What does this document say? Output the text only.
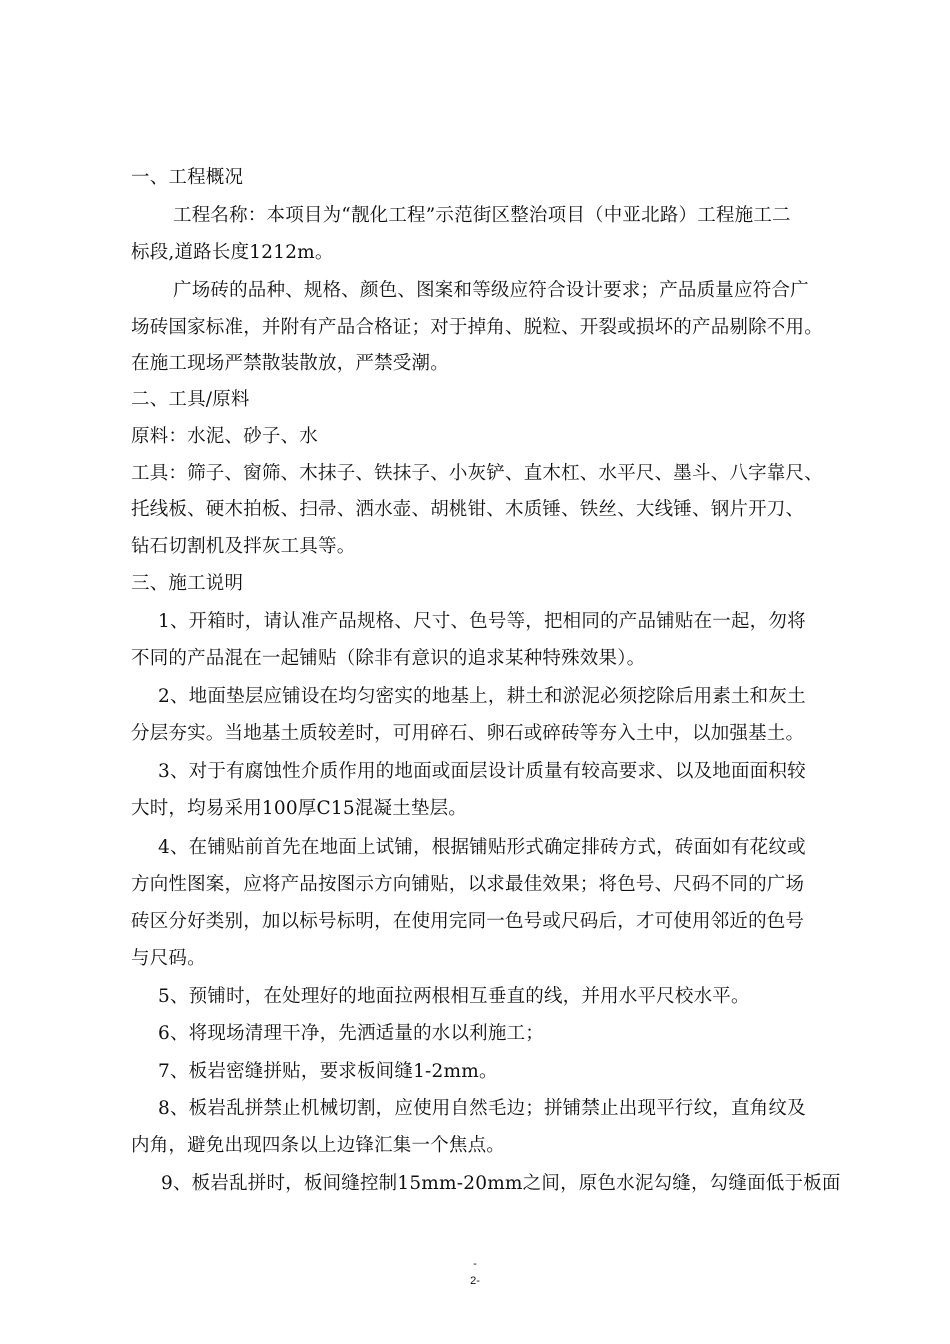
一、工程概况
工程名称：本项目为“靓化工程”示范街区整治项目（中亚北路）工程施工二
标段,道路长度1212m。
广场砖的品种、规格、颜色、图案和等级应符合设计要求；产品质量应符合广
场砖国家标准，并附有产品合格证；对于掉角、脱粒、开裂或损坏的产品剔除不用。
在施工现场严禁散装散放，严禁受潮。
二、工具/原料
原料：水泥、砂子、水
工具：筛子、窗筛、木抹子、铁抹子、小灰铲、直木杠、水平尺、墨斗、八字靠尺、
托线板、硬木拍板、扫帚、洒水壶、胡桃钳、木质锤、铁丝、大线锤、钢片开刀、
钻石切割机及拌灰工具等。
三、施工说明
1、开箱时，请认准产品规格、尺寸、色号等，把相同的产品铺贴在一起，勿将
不同的产品混在一起铺贴（除非有意识的追求某种特殊效果）。
2、地面垫层应铺设在均匀密实的地基上，耕土和淤泥必须挖除后用素土和灰土
分层夯实。当地基土质较差时，可用碎石、卵石或碎砖等夯入土中，以加强基土。
3、对于有腐蚀性介质作用的地面或面层设计质量有较高要求、以及地面面积较
大时，均易采用100厚C15混凝土垫层。
4、在铺贴前首先在地面上试铺，根据铺贴形式确定排砖方式，砖面如有花纹或
方向性图案，应将产品按图示方向铺贴，以求最佳效果；将色号、尺码不同的广场
砖区分好类别，加以标号标明，在使用完同一色号或尺码后，才可使用邻近的色号
与尺码。
5、预铺时，在处理好的地面拉两根相互垂直的线，并用水平尺校水平。
6、将现场清理干净，先洒适量的水以利施工；
7、板岩密缝拼贴，要求板间缝1-2mm。
8、板岩乱拼禁止机械切割，应使用自然毛边；拼铺禁止出现平行纹，直角纹及
内角，避免出现四条以上边锋汇集一个焦点。
9、板岩乱拼时，板间缝控制15mm-20mm之间，原色水泥勾缝，勾缝面低于板面
-
2-
